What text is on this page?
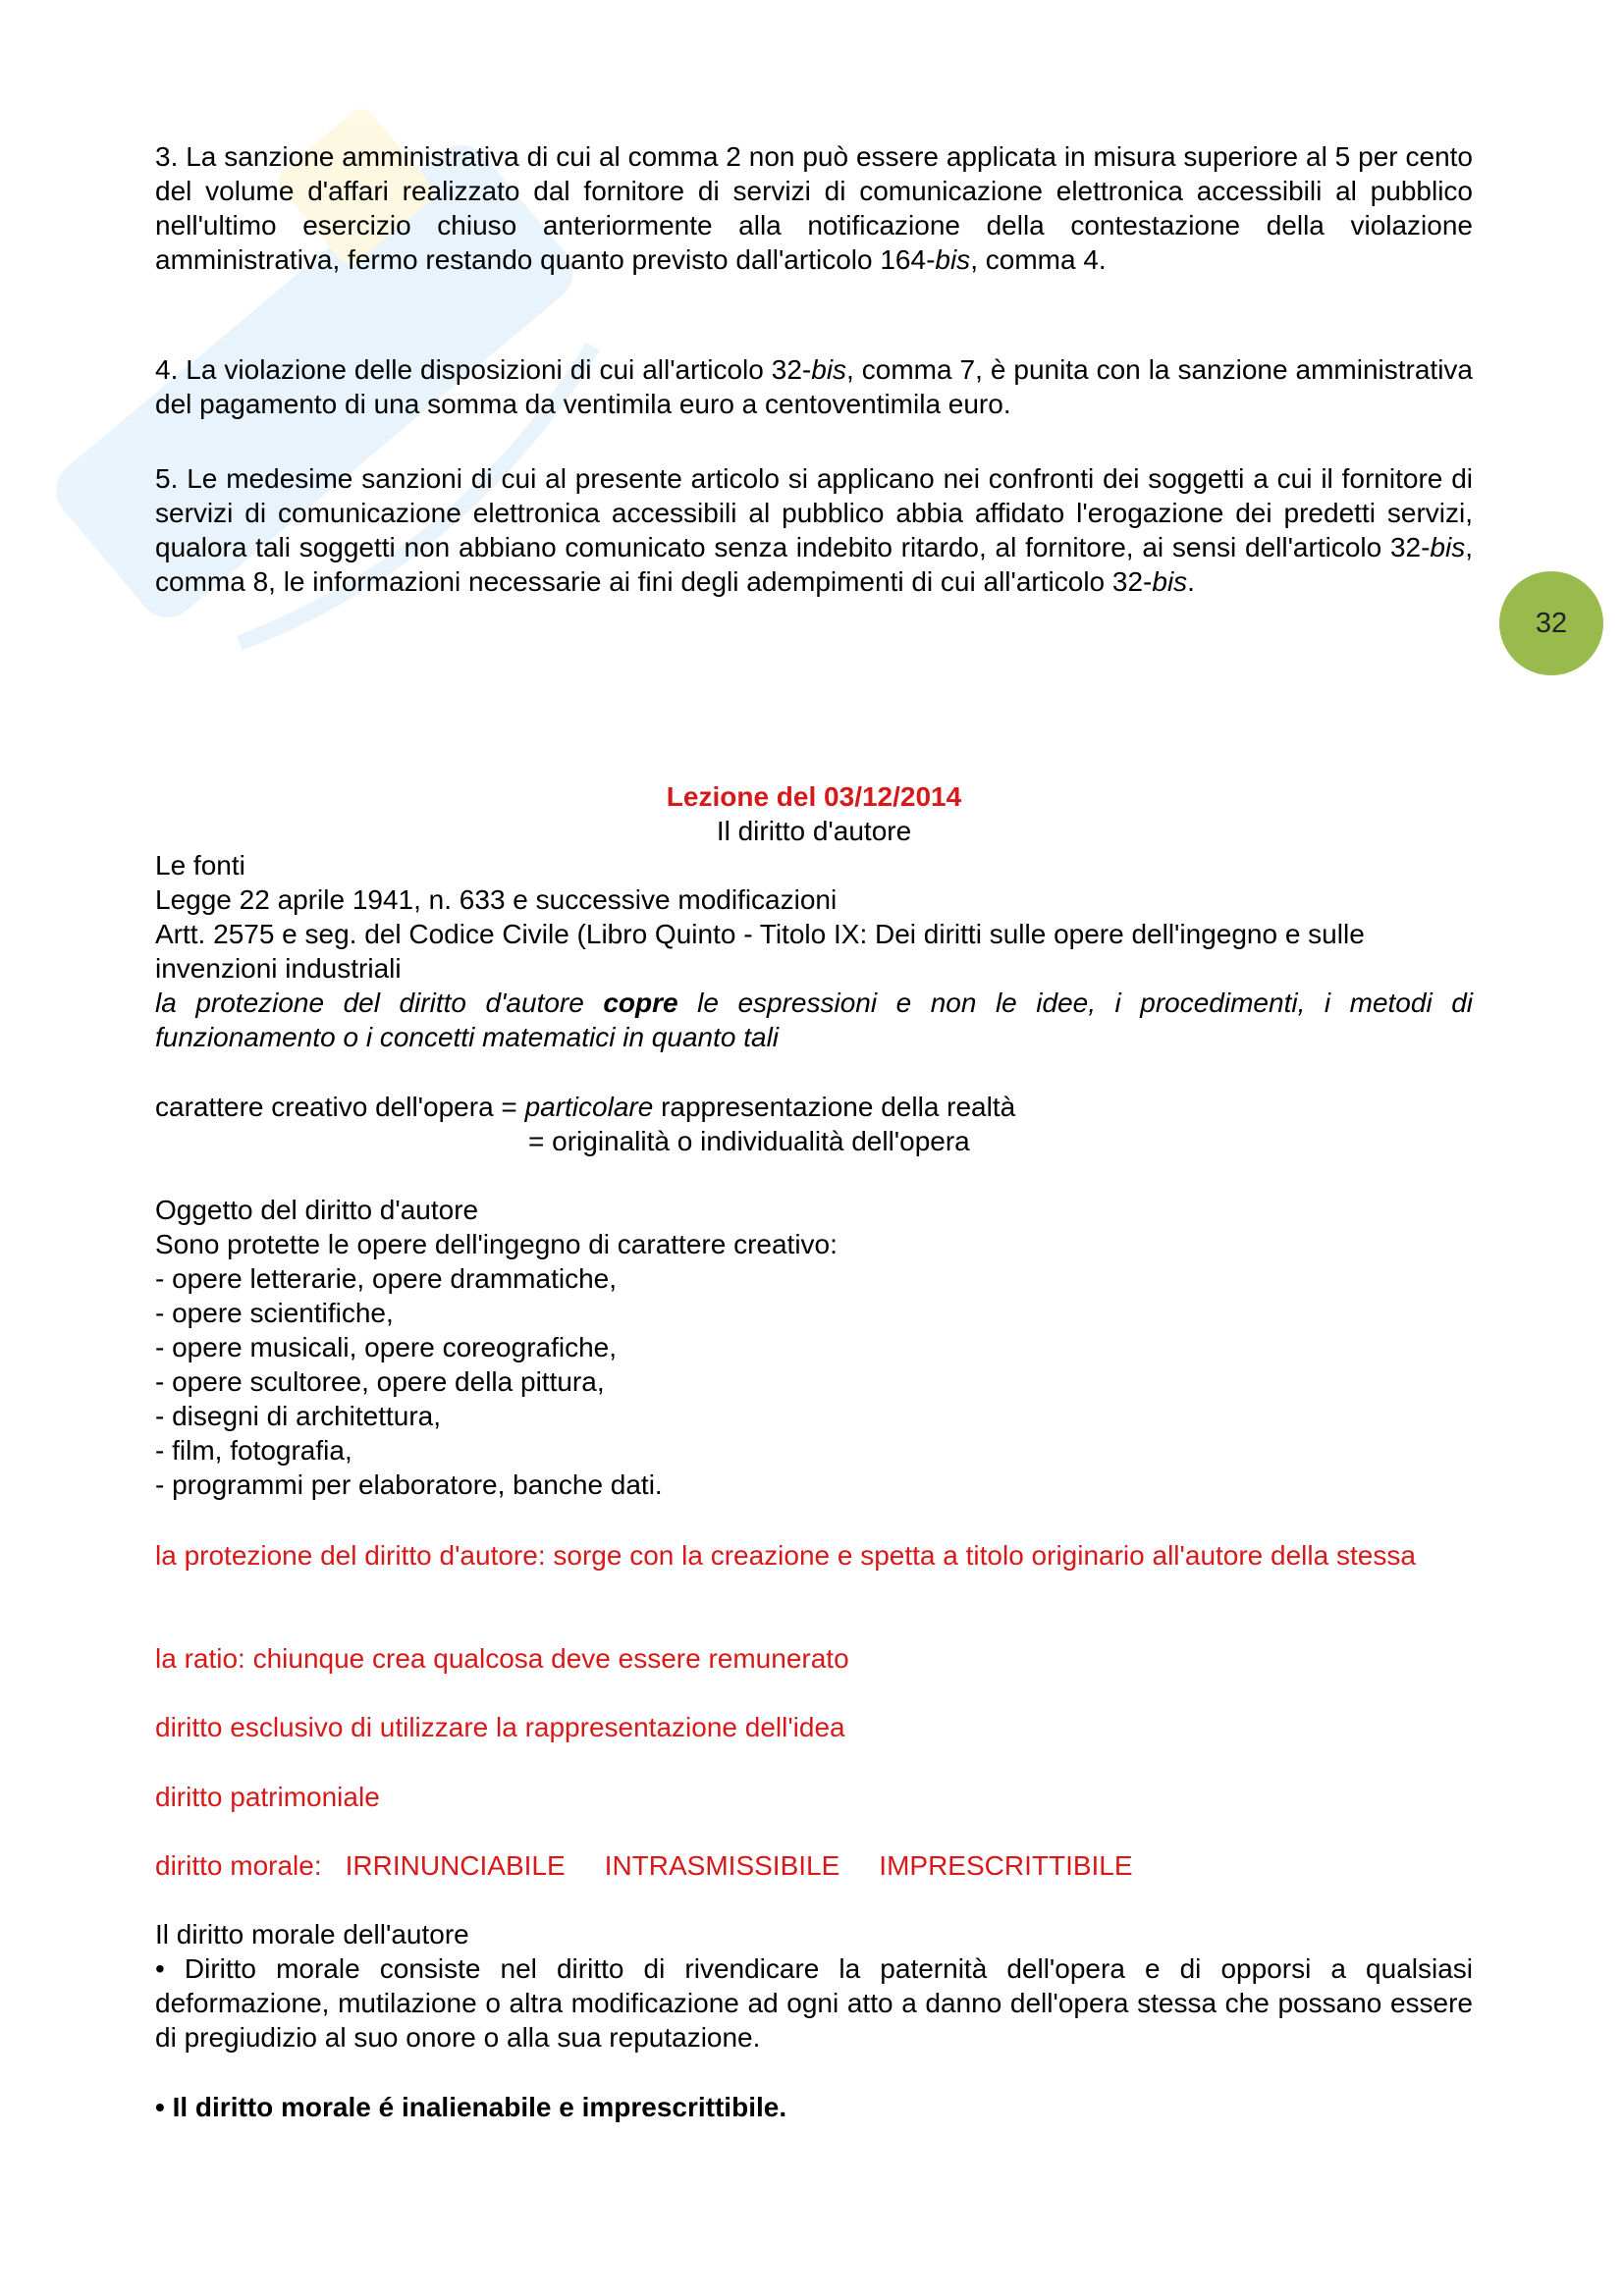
32

3. La sanzione amministrativa di cui al comma 2 non può essere applicata in misura superiore al 5 per cento del volume d'affari realizzato dal fornitore di servizi di comunicazione elettronica accessibili al pubblico nell'ultimo esercizio chiuso anteriormente alla notificazione della contestazione della violazione amministrativa, fermo restando quanto previsto dall'articolo 164-bis, comma 4.

4. La violazione delle disposizioni di cui all'articolo 32-bis, comma 7, è punita con la sanzione amministrativa del pagamento di una somma da ventimila euro a centoventimila euro.

5. Le medesime sanzioni di cui al presente articolo si applicano nei confronti dei soggetti a cui il fornitore di servizi di comunicazione elettronica accessibili al pubblico abbia affidato l'erogazione dei predetti servizi, qualora tali soggetti non abbiano comunicato senza indebito ritardo, al fornitore, ai sensi dell'articolo 32-bis, comma 8, le informazioni necessarie ai fini degli adempimenti di cui all'articolo 32-bis.

Lezione del 03/12/2014
Il diritto d'autore
Le fonti
Legge 22 aprile 1941, n. 633 e successive modificazioni
Artt. 2575 e seg. del Codice Civile (Libro Quinto - Titolo IX: Dei diritti sulle opere dell'ingegno e sulle invenzioni industriali

la protezione del diritto d'autore copre le espressioni e non le idee, i procedimenti, i metodi di funzionamento o i concetti matematici in quanto tali

carattere creativo dell'opera = particolare rappresentazione della realtà
= originalità o individualità dell'opera
Oggetto del diritto d'autore
Sono protette le opere dell'ingegno di carattere creativo:
- opere letterarie, opere drammatiche,
- opere scientifiche,
- opere musicali, opere coreografiche,
- opere scultoree, opere della pittura,
- disegni di architettura,
- film, fotografia,
- programmi per elaboratore, banche dati.
la protezione del diritto d'autore: sorge con la creazione e spetta a titolo originario all'autore della stessa
la ratio: chiunque crea qualcosa deve essere remunerato
diritto esclusivo di utilizzare la rappresentazione dell'idea
diritto patrimoniale
diritto morale: IRRINUNCIABILE INTRASMISSIBILE IMPRESCRITTIBILE
Il diritto morale dell'autore

• Diritto morale consiste nel diritto di rivendicare la paternità dell'opera e di opporsi a qualsiasi deformazione, mutilazione o altra modificazione ad ogni atto a danno dell'opera stessa che possano essere di pregiudizio al suo onore o alla sua reputazione.

• Il diritto morale é inalienabile e imprescrittibile.
